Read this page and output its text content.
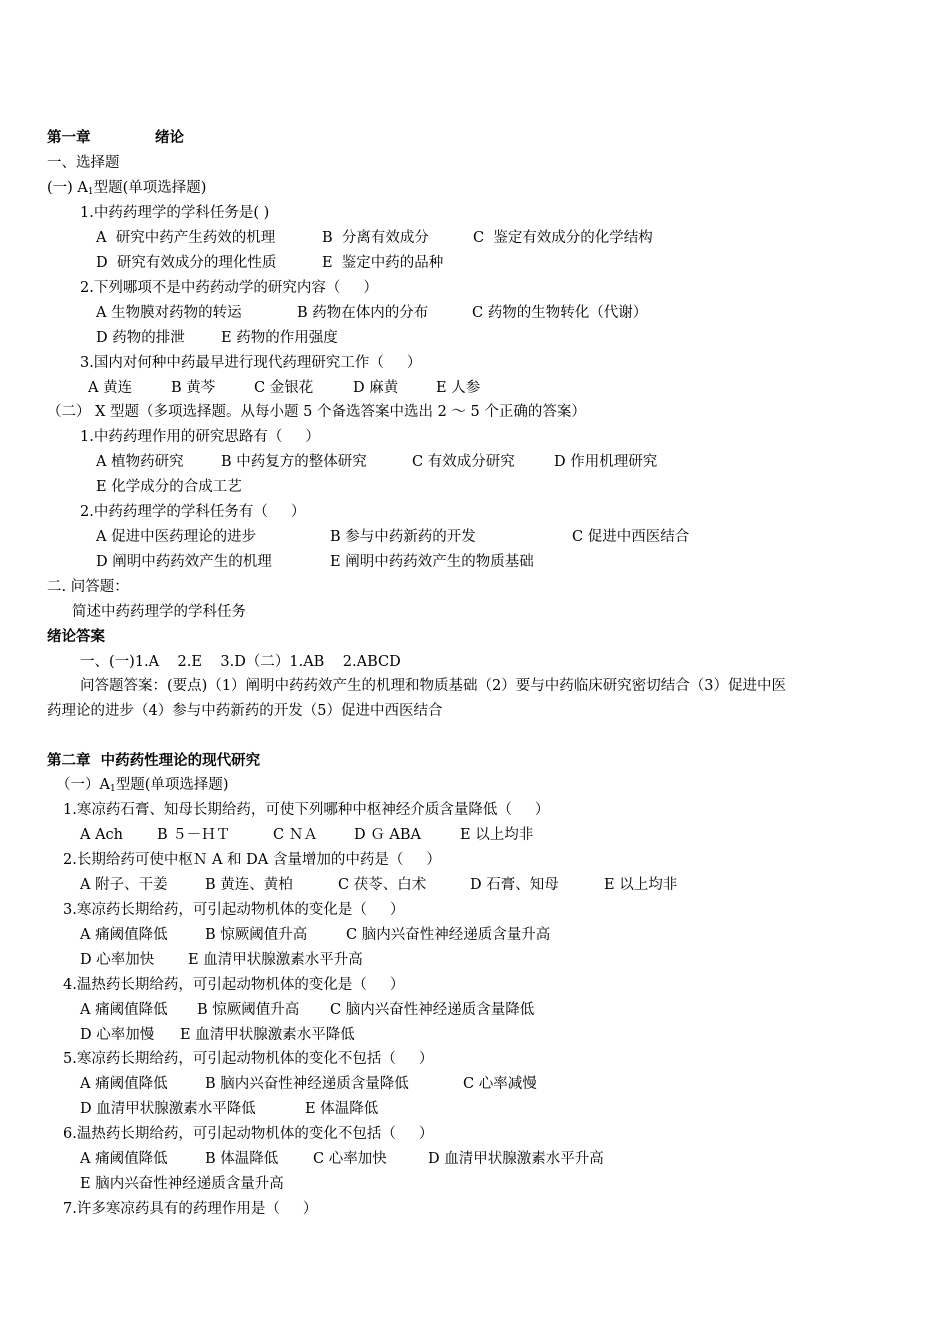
第一章	绪论
一、选择题
(一) $A_1$型题(单项选择题)
1.中药药理学的学科任务是( )
A  研究中药产生药效的机理	B  分离有效成分	C  鉴定有效成分的化学结构
D  研究有效成分的理化性质	E  鉴定中药的品种
2.下列哪项不是中药药动学的研究内容（     ）
A 生物膜对药物的转运	B 药物在体内的分布	C 药物的生物转化（代谢）
D 药物的排泄	E 药物的作用强度
3.国内对何种中药最早进行现代药理研究工作（     ）
A 黄连	B 黄芩	C 金银花	D 麻黄	E 人参
（二） X 型题（多项选择题。从每小题 5 个备选答案中选出 2 ～ 5 个正确的答案）
1.中药药理作用的研究思路有（     ）
A 植物药研究	B 中药复方的整体研究	C 有效成分研究	D 作用机理研究
E 化学成分的合成工艺
2.中药药理学的学科任务有（     ）
A 促进中医药理论的进步	B 参与中药新药的开发	C 促进中西医结合
D 阐明中药药效产生的机理	E 阐明中药药效产生的物质基础
二. 问答题：
简述中药药理学的学科任务
绪论答案
一、(一)1.A    2.E    3.D（二）1.AB    2.ABCD
问答题答案：(要点)（1）阐明中药药效产生的机理和物质基础（2）要与中药临床研究密切结合（3）促进中医
药理论的进步（4）参与中药新药的开发（5）促进中西医结合
第二章  中药药性理论的现代研究
（一）$A_1$型题(单项选择题)
1.寒凉药石膏、知母长期给药，可使下列哪种中枢神经介质含量降低（     ）
A Ach B ５－ＨＴ	C ＮＡ	D Ｇ ABA	E 以上均非
2.长期给药可使中枢Ｎ A 和 DA 含量增加的中药是（     ）
A 附子、干姜	B 黄连、黄柏	C 茯苓、白术	D 石膏、知母	E 以上均非
3.寒凉药长期给药，可引起动物机体的变化是（     ）
A 痛阈值降低	B 惊厥阈值升高	C 脑内兴奋性神经递质含量升高
D 心率加快 E 血清甲状腺激素水平升高
4.温热药长期给药，可引起动物机体的变化是（     ）
A 痛阈值降低 B 惊厥阈值升高 C 脑内兴奋性神经递质含量降低
D 心率加慢 E 血清甲状腺激素水平降低
5.寒凉药长期给药，可引起动物机体的变化不包括（     ）
A 痛阈值降低	B 脑内兴奋性神经递质含量降低	C 心率减慢
D 血清甲状腺激素水平降低	E 体温降低
6.温热药长期给药，可引起动物机体的变化不包括（     ）
A 痛阈值降低	B 体温降低 C 心率加快	D 血清甲状腺激素水平升高
E 脑内兴奋性神经递质含量升高
7.许多寒凉药具有的药理作用是（     ）
